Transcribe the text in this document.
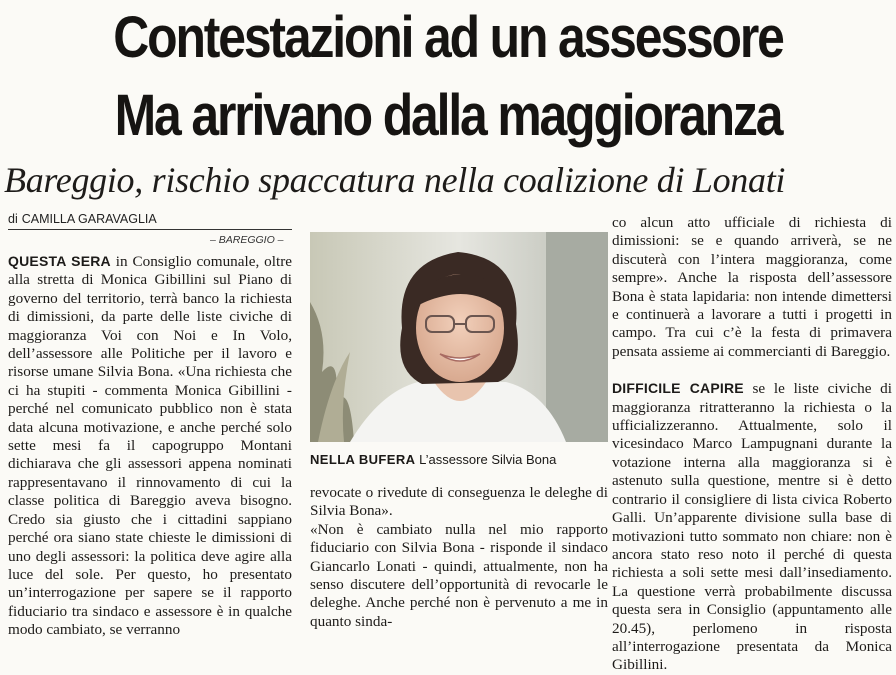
Contestazioni ad un assessore
Ma arrivano dalla maggioranza
Bareggio, rischio spaccatura nella coalizione di Lonati
di CAMILLA GARAVAGLIA
– BAREGGIO –

QUESTA SERA in Consiglio comunale, oltre alla stretta di Monica Gibillini sul Piano di governo del territorio, terrà banco la richiesta di dimissioni, da parte delle liste civiche di maggioranza Voi con Noi e In Volo, dell’assessore alle Politiche per il lavoro e risorse umane Silvia Bona. «Una richiesta che ci ha stupiti - commenta Monica Gibillini - perché nel comunicato pubblico non è stata data alcuna motivazione, e anche perché solo sette mesi fa il capogruppo Montani dichiarava che gli assessori appena nominati rappresentavano il rinnovamento di cui la classe politica di Bareggio aveva bisogno. Credo sia giusto che i cittadini sappiano perché ora siano state chieste le dimissioni di uno degli assessori: la politica deve agire alla luce del sole. Per questo, ho presentato un’interrogazione per sapere se il rapporto fiduciario tra sindaco e assessore è in qualche modo cambiato, se verranno

NELLA BUFERA L’assessore Silvia Bona

revocate o rivedute di conseguenza le deleghe di Silvia Bona».

«Non è cambiato nulla nel mio rapporto fiduciario con Silvia Bona - risponde il sindaco Giancarlo Lonati - quindi, attualmente, non ha senso discutere dell’opportunità di revocarle le deleghe. Anche perché non è pervenuto a me in quanto sinda-

co alcun atto ufficiale di richiesta di dimissioni: se e quando arriverà, se ne discuterà con l’intera maggioranza, come sempre». Anche la risposta dell’assessore Bona è stata lapidaria: non intende dimettersi e continuerà a lavorare a tutti i progetti in campo. Tra cui c’è la festa di primavera pensata assieme ai commercianti di Bareggio.

DIFFICILE CAPIRE se le liste civiche di maggioranza ritratteranno la richiesta o la ufficializzeranno. Attualmente, solo il vicesindaco Marco Lampugnani durante la votazione interna alla maggioranza si è astenuto sulla questione, mentre si è detto contrario il consigliere di lista civica Roberto Galli. Un’apparente divisione sulla base di motivazioni tutto sommato non chiare: non è ancora stato reso noto il perché di questa richiesta a soli sette mesi dall’insediamento. La questione verrà probabilmente discussa questa sera in Consiglio (appuntamento alle 20.45), perlomeno in risposta all’interrogazione presentata da Monica Gibillini.
